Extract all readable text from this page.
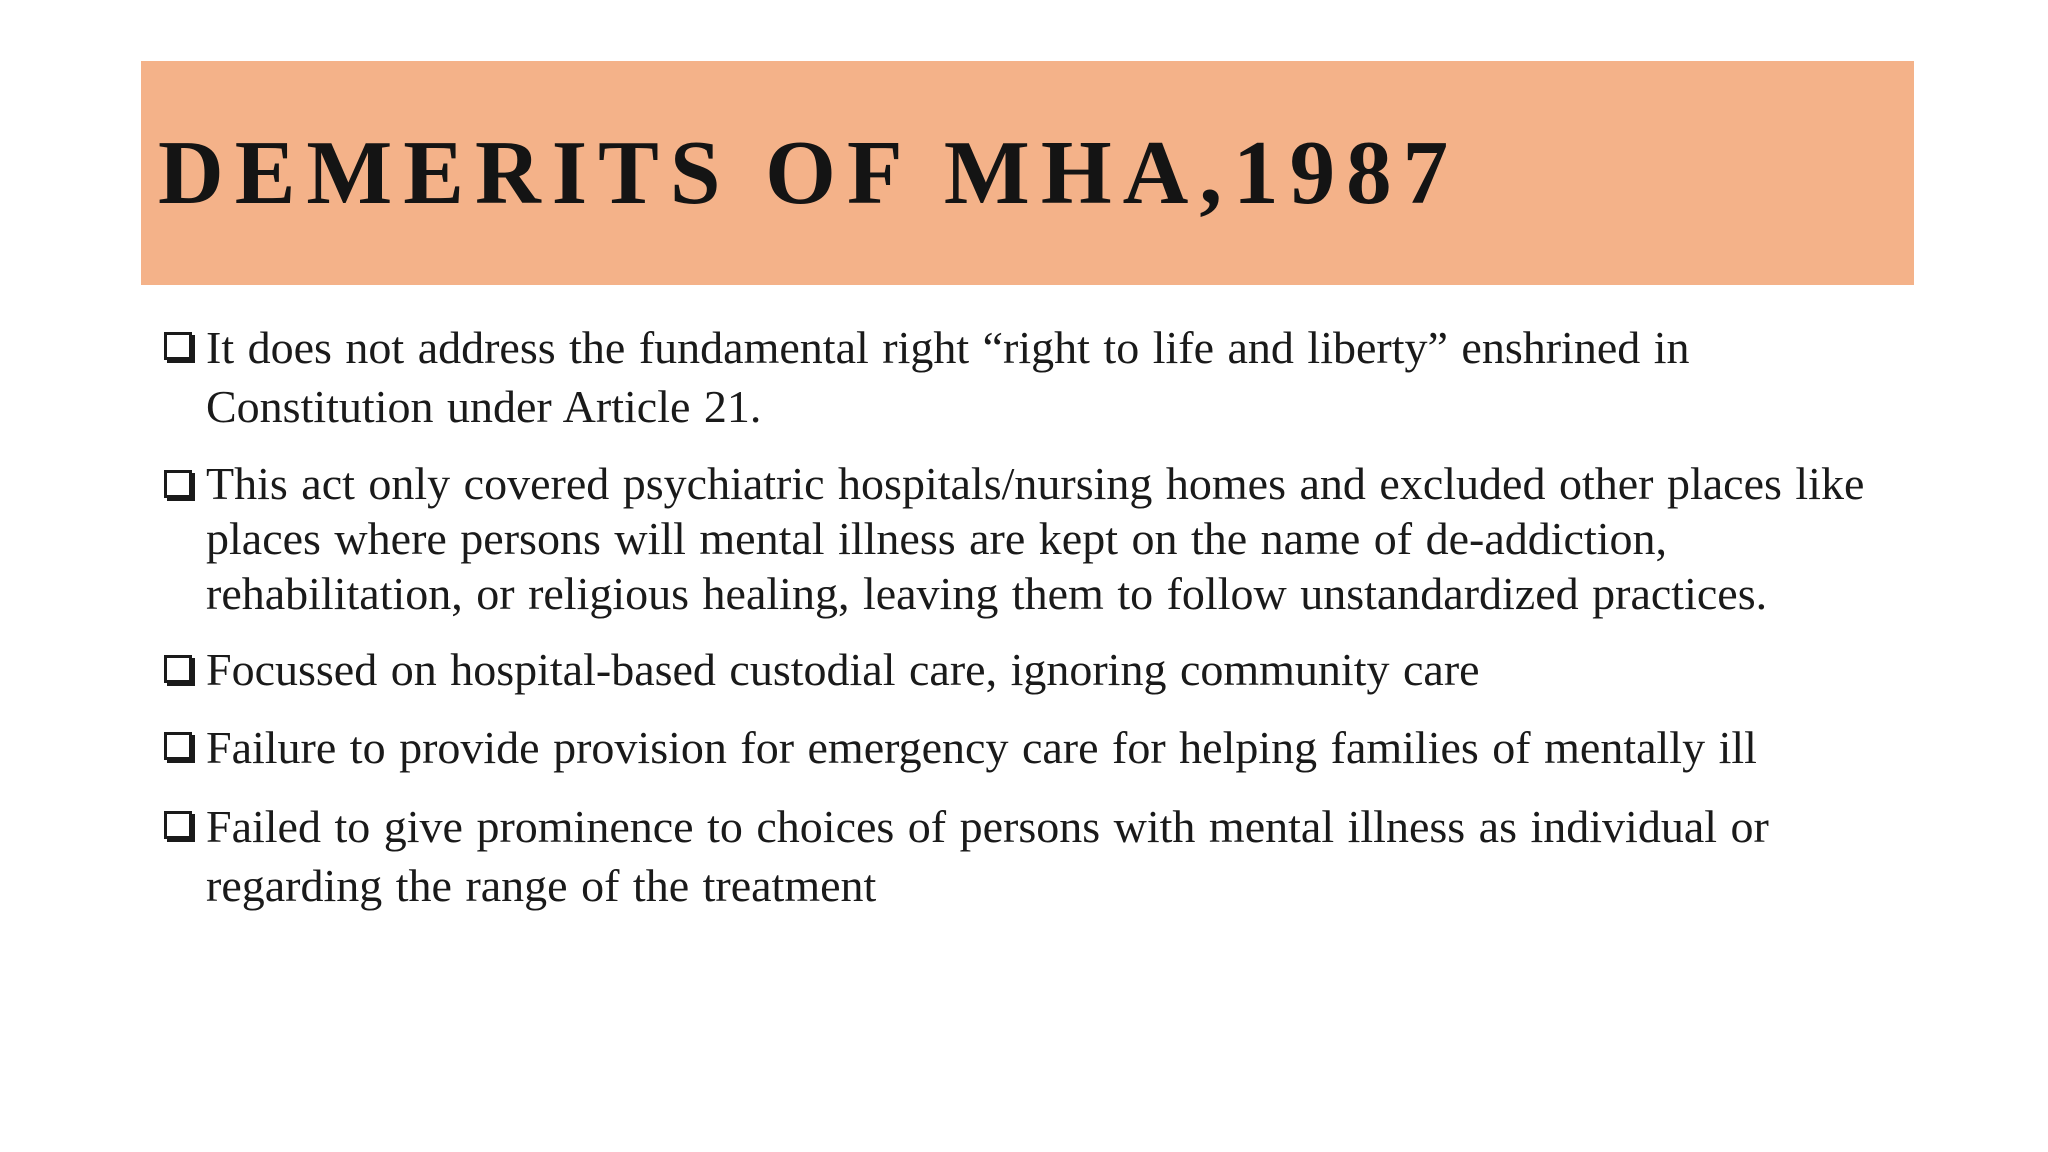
DEMERITS OF MHA,1987
It does not address the fundamental right “right to life and liberty” enshrined in Constitution under Article 21.
This act only covered psychiatric hospitals/nursing homes and excluded other places like places where persons will mental illness are kept on the name of de-addiction, rehabilitation, or religious healing, leaving them to follow unstandardized practices.
Focussed on hospital-based custodial care, ignoring community care
Failure to provide provision for emergency care for helping families of mentally ill
Failed to give prominence to choices of persons with mental illness as individual or regarding the range of the treatment
